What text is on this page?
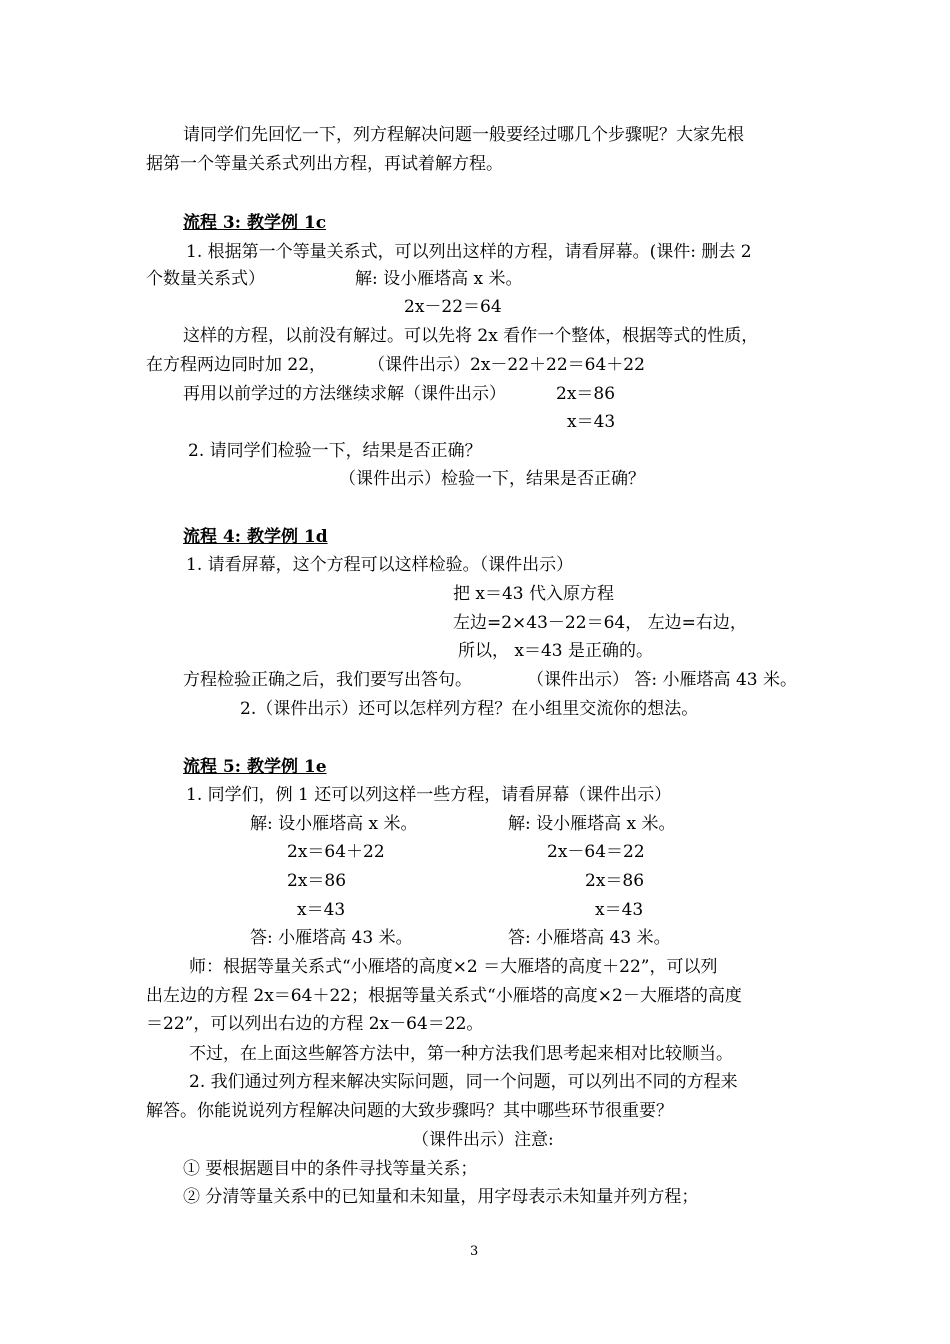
请同学们先回忆一下，列方程解决问题一般要经过哪几个步骤呢？大家先根
据第一个等量关系式列出方程，再试着解方程。
流程 3: 教学例 1c
1. 根据第一个等量关系式，可以列出这样的方程，请看屏幕。(课件: 删去 2
个数量关系式）	解: 设小雁塔高 x 米。
2x－22＝64
这样的方程，以前没有解过。可以先将 2x 看作一个整体，根据等式的性质，
在方程两边同时加 22， （课件出示）2x－22＋22＝64＋22
再用以前学过的方法继续求解（课件出示）	2x＝86
x＝43
2. 请同学们检验一下，结果是否正确？
（课件出示）检验一下，结果是否正确？
流程 4: 教学例 1d
1. 请看屏幕，这个方程可以这样检验。（课件出示）
把 x＝43 代入原方程
左边=2×43－22＝64， 左边=右边，
所以， x＝43 是正确的。
方程检验正确之后，我们要写出答句。	（课件出示） 答: 小雁塔高 43 米。
2.（课件出示）还可以怎样列方程？在小组里交流你的想法。
流程 5: 教学例 1e
1. 同学们，例 1 还可以列这样一些方程，请看屏幕（课件出示）
解: 设小雁塔高 x 米。
2x＝64＋22
2x＝86
x＝43
答: 小雁塔高 43 米。
解: 设小雁塔高 x 米。
2x－64＝22
2x＝86
x＝43
答: 小雁塔高 43 米。
师：根据等量关系式“小雁塔的高度×2 ＝大雁塔的高度＋22”，可以列
出左边的方程 2x＝64＋22；根据等量关系式“小雁塔的高度×2－大雁塔的高度
＝22”，可以列出右边的方程 2x－64＝22。
不过，在上面这些解答方法中，第一种方法我们思考起来相对比较顺当。
2. 我们通过列方程来解决实际问题，同一个问题，可以列出不同的方程来
解答。你能说说列方程解决问题的大致步骤吗？其中哪些环节很重要？
（课件出示）注意:
① 要根据题目中的条件寻找等量关系；
② 分清等量关系中的已知量和未知量，用字母表示未知量并列方程；
3
